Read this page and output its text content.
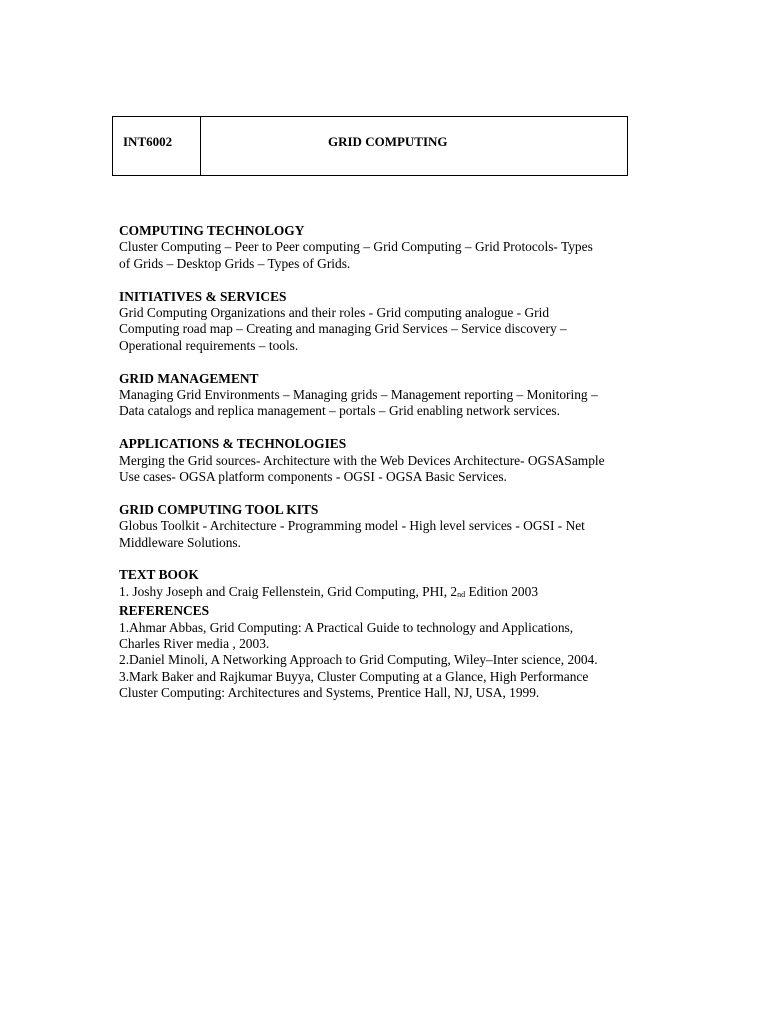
INT6002	GRID COMPUTING
COMPUTING TECHNOLOGY
Cluster Computing – Peer to Peer computing – Grid Computing – Grid Protocols- Types
of Grids – Desktop Grids – Types of Grids.
INITIATIVES & SERVICES
Grid Computing Organizations and their roles - Grid computing analogue - Grid
Computing road map – Creating and managing Grid Services – Service discovery –
Operational requirements – tools.
GRID MANAGEMENT
Managing Grid Environments – Managing grids – Management reporting – Monitoring –
Data catalogs and replica management – portals – Grid enabling network services.
APPLICATIONS & TECHNOLOGIES
Merging the Grid sources- Architecture with the Web Devices Architecture- OGSASample
Use cases- OGSA platform components - OGSI - OGSA Basic Services.
GRID COMPUTING TOOL KITS
Globus Toolkit - Architecture - Programming model - High level services - OGSI - Net
Middleware Solutions.
TEXT BOOK
1. Joshy Joseph and Craig Fellenstein, Grid Computing, PHI, $2_{nd}$ Edition 2003
REFERENCES
1.Ahmar Abbas, Grid Computing: A Practical Guide to technology and Applications,
Charles River media , 2003.
2.Daniel Minoli, A Networking Approach to Grid Computing, Wiley–Inter science, 2004.
3.Mark Baker and Rajkumar Buyya, Cluster Computing at a Glance, High Performance
Cluster Computing: Architectures and Systems, Prentice Hall, NJ, USA, 1999.
